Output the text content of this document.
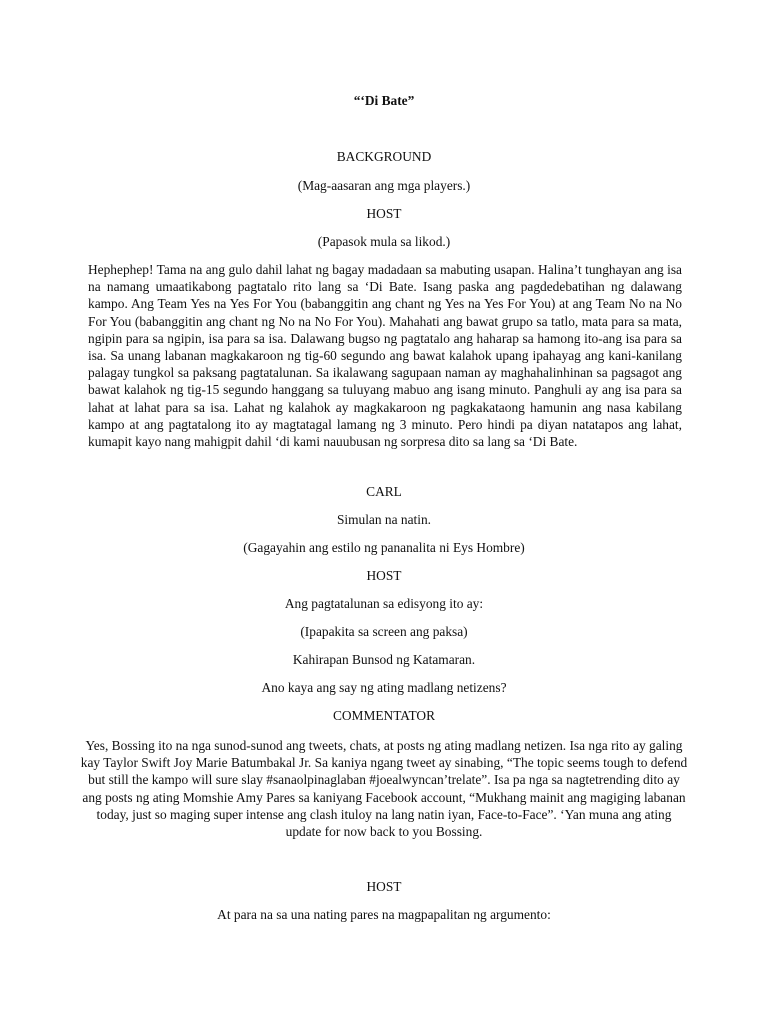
“‘Di Bate”
BACKGROUND
(Mag-aasaran ang mga players.)
HOST
(Papasok mula sa likod.)
Hephephep! Tama na ang gulo dahil lahat ng bagay madadaan sa mabuting usapan. Halina’t tunghayan ang isa na namang umaatikabong pagtatalo rito lang sa ‘Di Bate. Isang paska ang pagdedebatihan ng dalawang kampo. Ang Team Yes na Yes For You (babanggitin ang chant ng Yes na Yes For You) at ang Team No na No For You (babanggitin ang chant ng No na No For You). Mahahati ang bawat grupo sa tatlo, mata para sa mata, ngipin para sa ngipin, isa para sa isa. Dalawang bugso ng pagtatalo ang haharap sa hamong ito-ang isa para sa isa. Sa unang labanan magkakaroon ng tig-60 segundo ang bawat kalahok upang ipahayag ang kani-kanilang palagay tungkol sa paksang pagtatalunan. Sa ikalawang sagupaan naman ay maghahalinhinan sa pagsagot ang bawat kalahok ng tig-15 segundo hanggang sa tuluyang mabuo ang isang minuto. Panghuli ay ang isa para sa lahat at lahat para sa isa. Lahat ng kalahok ay magkakaroon ng pagkakataong hamunin ang nasa kabilang kampo at ang pagtatalong ito ay magtatagal lamang ng 3 minuto. Pero hindi pa diyan natatapos ang lahat, kumapit kayo nang mahigpit dahil ‘di kami nauubusan ng sorpresa dito sa lang sa ‘Di Bate.
CARL
Simulan na natin.
(Gagayahin ang estilo ng pananalita ni Eys Hombre)
HOST
Ang pagtatalunan sa edisyong ito ay:
(Ipapakita sa screen ang paksa)
Kahirapan Bunsod ng Katamaran.
Ano kaya ang say ng ating madlang netizens?
COMMENTATOR
Yes, Bossing ito na nga sunod-sunod ang tweets, chats, at posts ng ating madlang netizen. Isa nga rito ay galing kay Taylor Swift Joy Marie Batumbakal Jr. Sa kaniya ngang tweet ay sinabing, “The topic seems tough to defend but still the kampo will sure slay #sanaolpinaglaban #joealwyncan’trelate”. Isa pa nga sa nagtetrending dito ay ang posts ng ating Momshie Amy Pares sa kaniyang Facebook account, “Mukhang mainit ang magiging labanan today, just so maging super intense ang clash ituloy na lang natin iyan, Face-to-Face”. ‘Yan muna ang ating update for now back to you Bossing.
HOST
At para na sa una nating pares na magpapalitan ng argumento:
